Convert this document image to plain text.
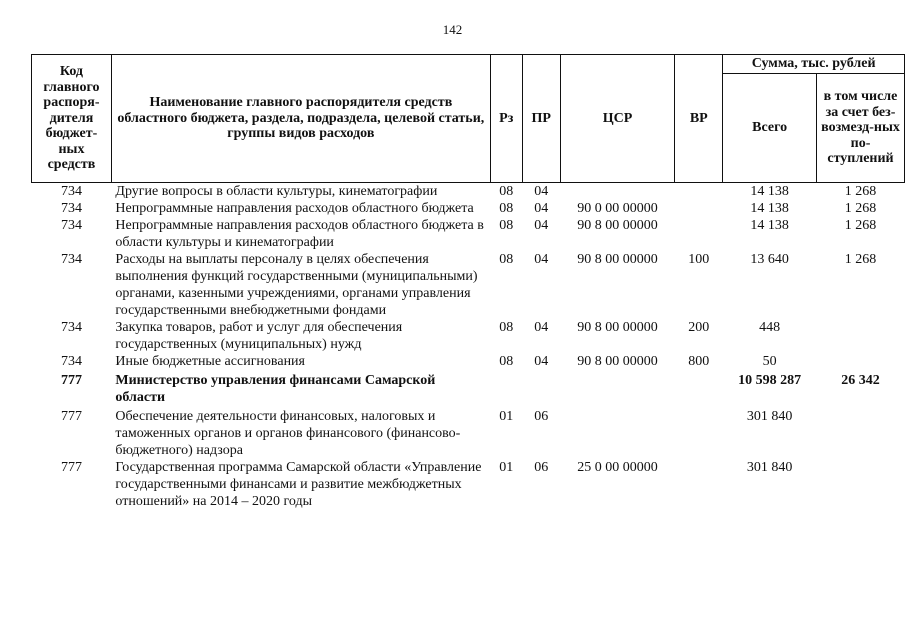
142
Код главного распоря-дителя бюджет-ных средств	Наименование главного распорядителя средств областного бюджета, раздела, подраздела, целевой статьи, группы видов расходов	Рз	ПР	ЦСР	ВР	Сумма, тыс. рублей	
						Всего	в том числе за счет без-возмезд-ных по-ступлений
734	Другие вопросы в области культуры, кинематографии	08	04			14 138	1 268
734	Непрограммные направления расходов областного бюджета	08	04	90 0 00 00000		14 138	1 268
734	Непрограммные направления расходов областного бюджета в области культуры и кинематографии	08	04	90 8 00 00000		14 138	1 268
734	Расходы на выплаты персоналу в целях обеспечения выполнения функций государственными (муниципальными) органами, казенными учреждениями, органами управления государственными внебюджетными фондами	08	04	90 8 00 00000	100	13 640	1 268
734	Закупка товаров, работ и услуг для обеспечения государственных (муниципальных) нужд	08	04	90 8 00 00000	200	448	
734	Иные бюджетные ассигнования	08	04	90 8 00 00000	800	50	
777	Министерство управления финансами Самарской области					10 598 287	26 342
777	Обеспечение деятельности финансовых, налоговых и таможенных органов и органов финансового (финансово-бюджетного) надзора	01	06			301 840	
777	Государственная программа Самарской области «Управление государственными финансами и развитие межбюджетных отношений» на 2014 – 2020 годы	01	06	25 0 00 00000		301 840	
